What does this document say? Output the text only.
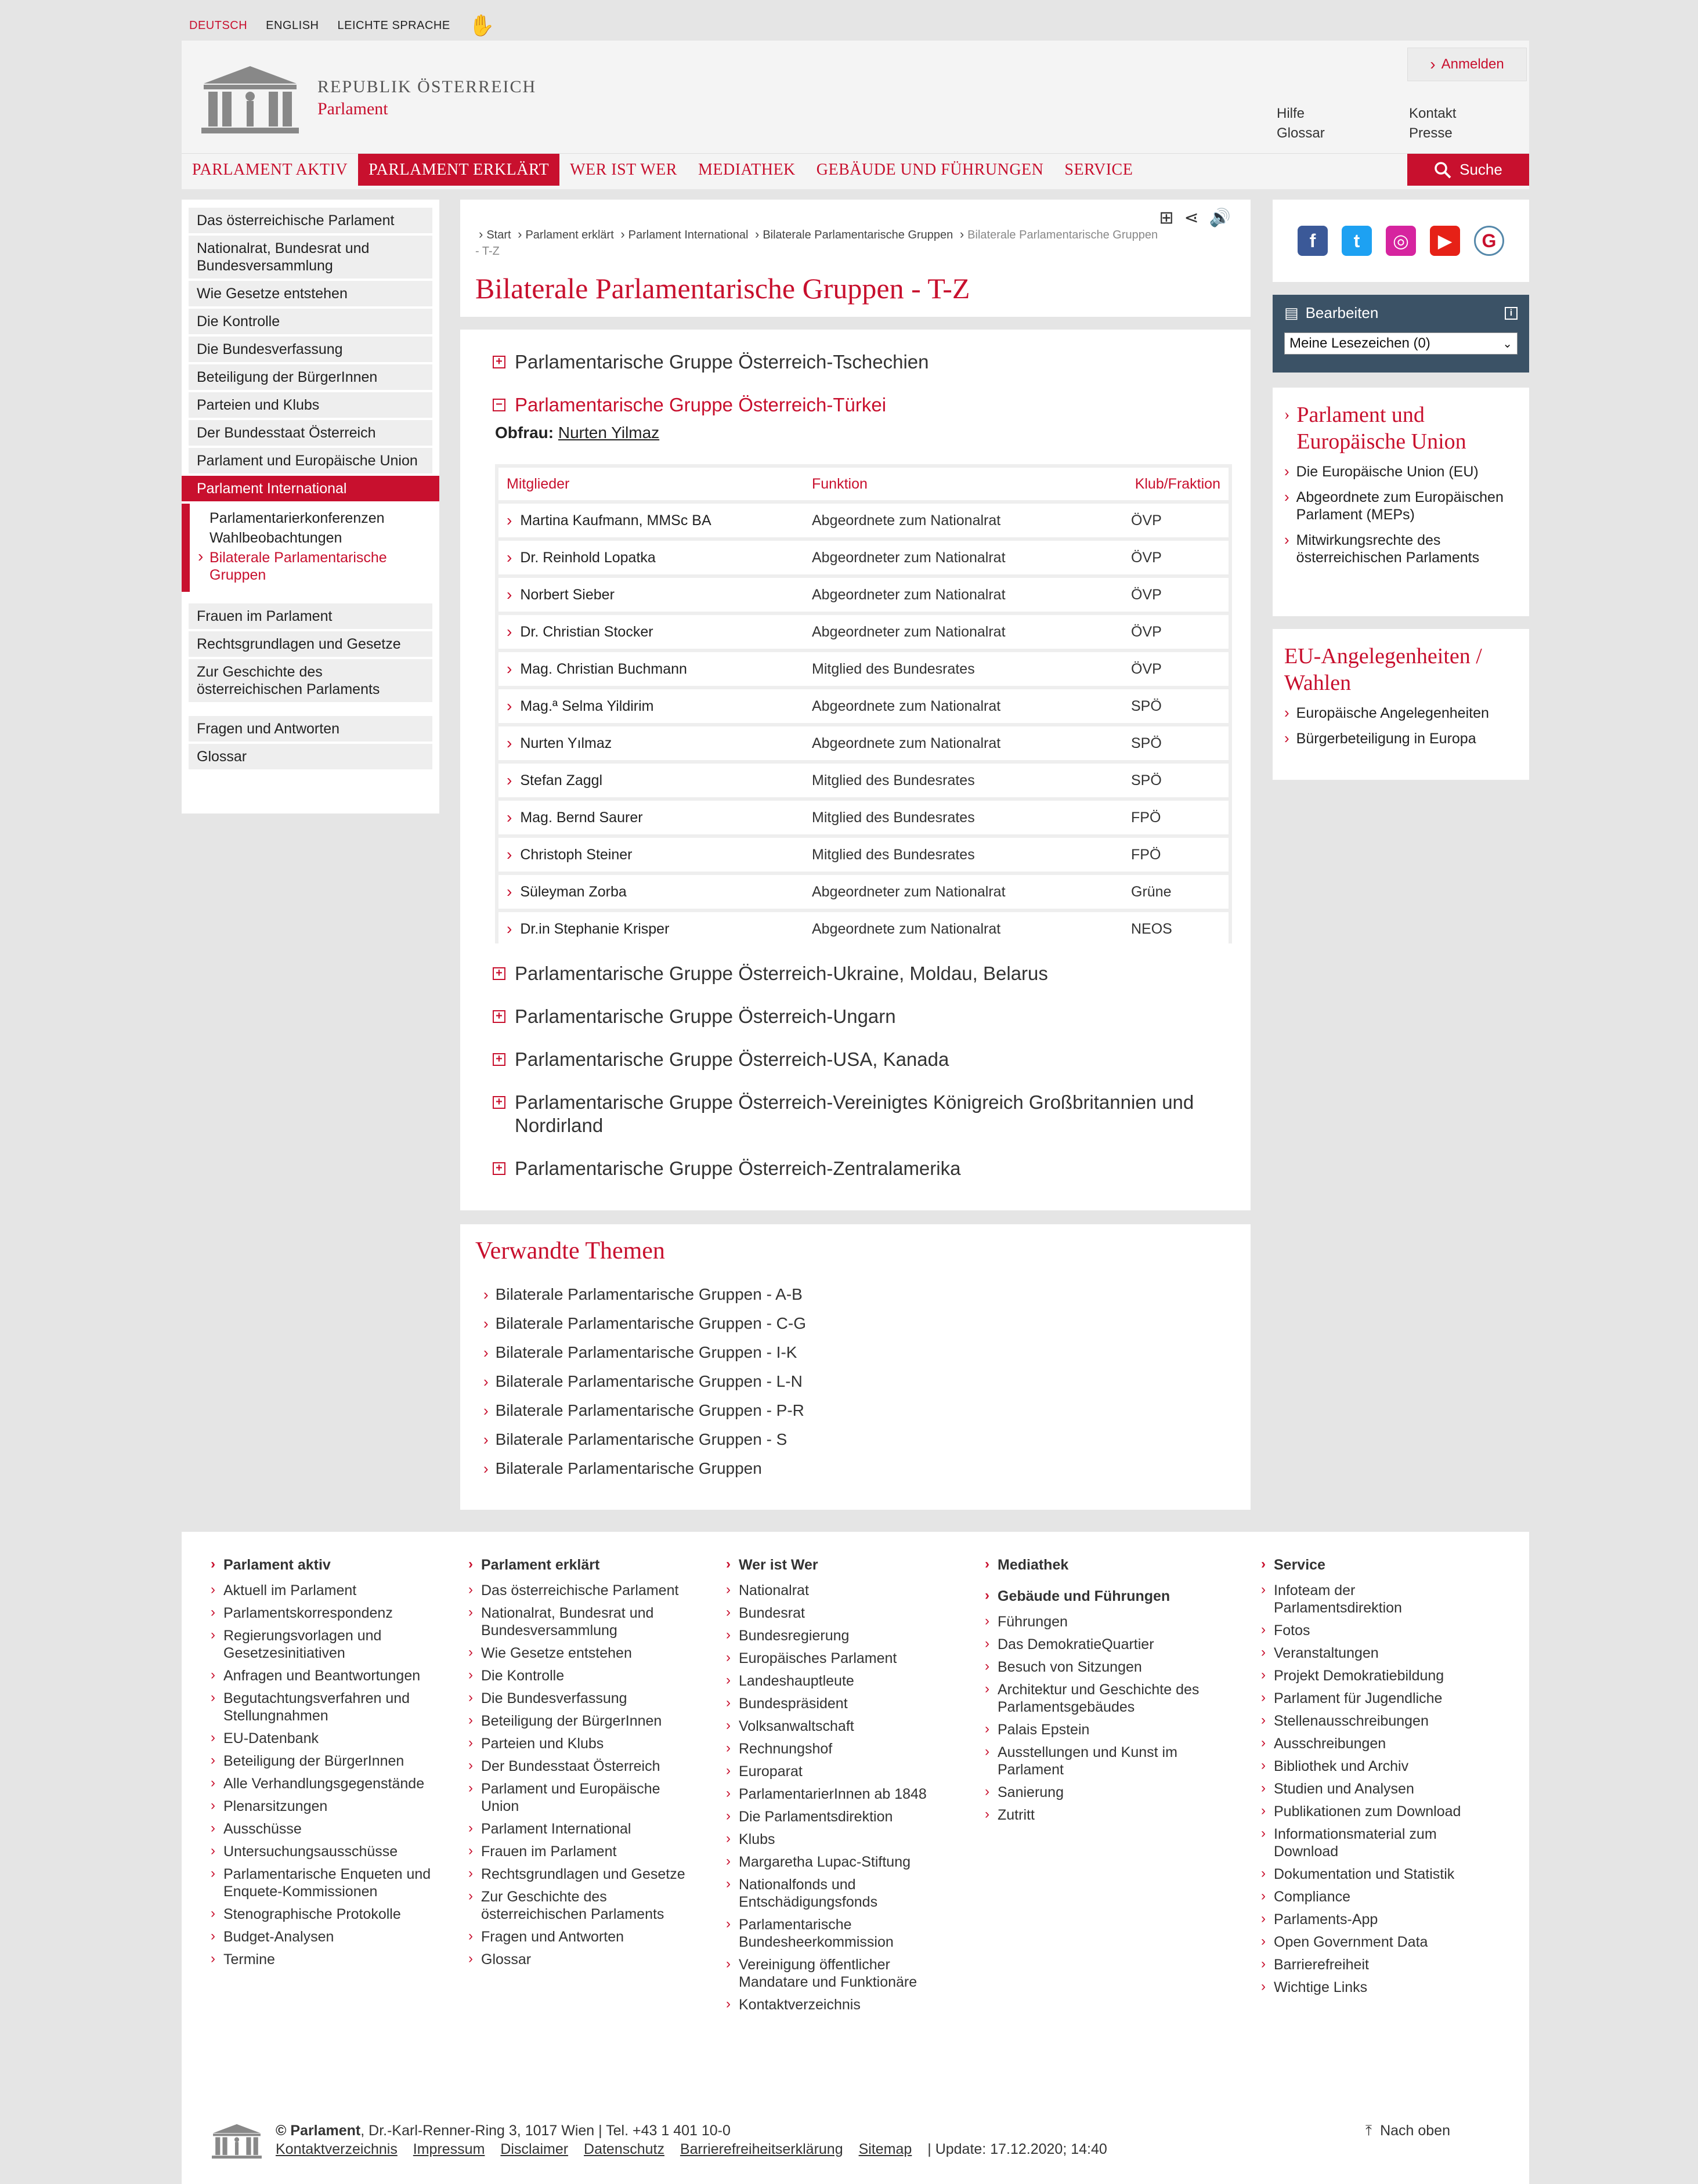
DEUTSCH ENGLISH LEICHTE SPRACHE ✋
REPUBLIK ÖSTERREICH
Parlament
› Anmelden
Hilfe	Kontakt
Glossar	Presse
PARLAMENT AKTIV	PARLAMENT ERKLÄRT	WER IST WER	MEDIATHEK	GEBÄUDE UND FÜHRUNGEN	SERVICE	Suche
Das österreichische Parlament
Nationalrat, Bundesrat und Bundesversammlung
Wie Gesetze entstehen
Die Kontrolle
Die Bundesverfassung
Beteiligung der BürgerInnen
Parteien und Klubs
Der Bundesstaat Österreich
Parlament und Europäische Union
Parlament International
Parlamentarierkonferenzen
Wahlbeobachtungen
› Bilaterale Parlamentarische Gruppen
Frauen im Parlament
Rechtsgrundlagen und Gesetze
Zur Geschichte des österreichischen Parlaments
Fragen und Antworten
Glossar
⊞ ⋖ 🔊
› Start › Parlament erklärt › Parlament International › Bilaterale Parlamentarische Gruppen › Bilaterale Parlamentarische Gruppen - T-Z
Bilaterale Parlamentarische Gruppen - T-Z
+ Parlamentarische Gruppe Österreich-Tschechien
− Parlamentarische Gruppe Österreich-Türkei
Obfrau: Nurten Yilmaz
Mitglieder	Funktion	Klub/Fraktion
› Martina Kaufmann, MMSc BA	Abgeordnete zum Nationalrat	ÖVP
› Dr. Reinhold Lopatka	Abgeordneter zum Nationalrat	ÖVP
› Norbert Sieber	Abgeordneter zum Nationalrat	ÖVP
› Dr. Christian Stocker	Abgeordneter zum Nationalrat	ÖVP
› Mag. Christian Buchmann	Mitglied des Bundesrates	ÖVP
› Mag.ª Selma Yildirim	Abgeordnete zum Nationalrat	SPÖ
› Nurten Yılmaz	Abgeordnete zum Nationalrat	SPÖ
› Stefan Zaggl	Mitglied des Bundesrates	SPÖ
› Mag. Bernd Saurer	Mitglied des Bundesrates	FPÖ
› Christoph Steiner	Mitglied des Bundesrates	FPÖ
› Süleyman Zorba	Abgeordneter zum Nationalrat	Grüne
› Dr.in Stephanie Krisper	Abgeordnete zum Nationalrat	NEOS
+ Parlamentarische Gruppe Österreich-Ukraine, Moldau, Belarus
+ Parlamentarische Gruppe Österreich-Ungarn
+ Parlamentarische Gruppe Österreich-USA, Kanada
+ Parlamentarische Gruppe Österreich-Vereinigtes Königreich Großbritannien und Nordirland
+ Parlamentarische Gruppe Österreich-Zentralamerika
Verwandte Themen
› Bilaterale Parlamentarische Gruppen - A-B
› Bilaterale Parlamentarische Gruppen - C-G
› Bilaterale Parlamentarische Gruppen - I-K
› Bilaterale Parlamentarische Gruppen - L-N
› Bilaterale Parlamentarische Gruppen - P-R
› Bilaterale Parlamentarische Gruppen - S
› Bilaterale Parlamentarische Gruppen
f	t	◎	▶	G
▤ Bearbeiten	i
Meine Lesezeichen (0)	⌄
› Parlament und Europäische Union
› Die Europäische Union (EU)
› Abgeordnete zum Europäischen Parlament (MEPs)
› Mitwirkungsrechte des österreichischen Parlaments
EU-Angelegenheiten / Wahlen
› Europäische Angelegenheiten
› Bürgerbeteiligung in Europa
› Parlament aktiv
› Aktuell im Parlament
› Parlamentskorrespondenz
› Regierungsvorlagen und Gesetzesinitiativen
› Anfragen und Beantwortungen
› Begutachtungsverfahren und Stellungnahmen
› EU-Datenbank
› Beteiligung der BürgerInnen
› Alle Verhandlungsgegenstände
› Plenarsitzungen
› Ausschüsse
› Untersuchungsausschüsse
› Parlamentarische Enqueten und Enquete-Kommissionen
› Stenographische Protokolle
› Budget-Analysen
› Termine
› Parlament erklärt
› Das österreichische Parlament
› Nationalrat, Bundesrat und Bundesversammlung
› Wie Gesetze entstehen
› Die Kontrolle
› Die Bundesverfassung
› Beteiligung der BürgerInnen
› Parteien und Klubs
› Der Bundesstaat Österreich
› Parlament und Europäische Union
› Parlament International
› Frauen im Parlament
› Rechtsgrundlagen und Gesetze
› Zur Geschichte des österreichischen Parlaments
› Fragen und Antworten
› Glossar
› Wer ist Wer
› Nationalrat
› Bundesrat
› Bundesregierung
› Europäisches Parlament
› Landeshauptleute
› Bundespräsident
› Volksanwaltschaft
› Rechnungshof
› Europarat
› ParlamentarierInnen ab 1848
› Die Parlamentsdirektion
› Klubs
› Margaretha Lupac-Stiftung
› Nationalfonds und Entschädigungsfonds
› Parlamentarische Bundesheerkommission
› Vereinigung öffentlicher Mandatare und Funktionäre
› Kontaktverzeichnis
› Mediathek
› Gebäude und Führungen
› Führungen
› Das DemokratieQuartier
› Besuch von Sitzungen
› Architektur und Geschichte des Parlamentsgebäudes
› Palais Epstein
› Ausstellungen und Kunst im Parlament
› Sanierung
› Zutritt
› Service
› Infoteam der Parlamentsdirektion
› Fotos
› Veranstaltungen
› Projekt Demokratiebildung
› Parlament für Jugendliche
› Stellenausschreibungen
› Ausschreibungen
› Bibliothek und Archiv
› Studien und Analysen
› Publikationen zum Download
› Informationsmaterial zum Download
› Dokumentation und Statistik
› Compliance
› Parlaments-App
› Open Government Data
› Barrierefreiheit
› Wichtige Links
© Parlament, Dr.-Karl-Renner-Ring 3, 1017 Wien | Tel. +43 1 401 10-0
Kontaktverzeichnis Impressum Disclaimer Datenschutz Barrierefreiheitserklärung Sitemap | Update: 17.12.2020; 14:40
⤒ Nach oben
